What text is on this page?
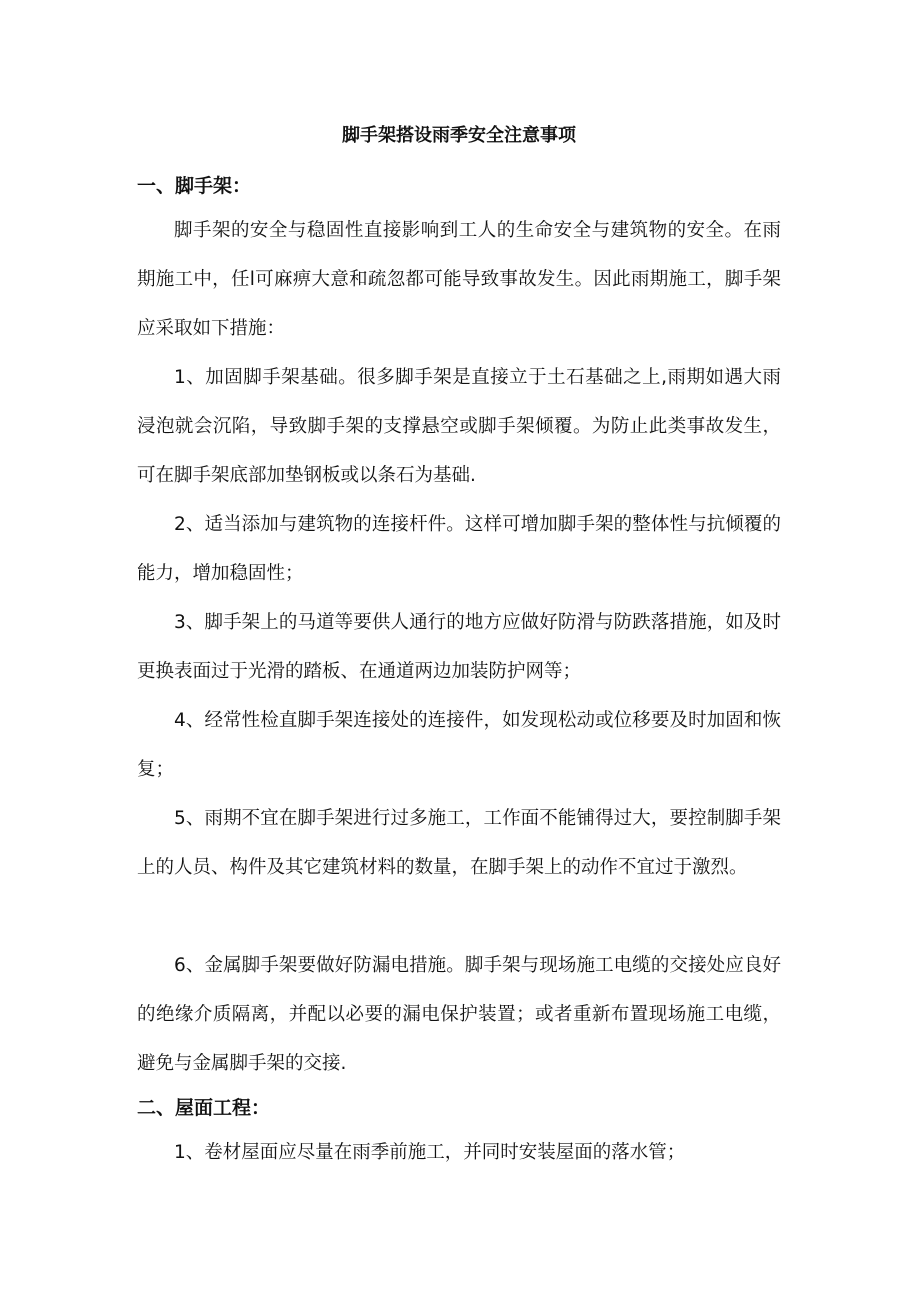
脚手架搭设雨季安全注意事项
一、脚手架：

脚手架的安全与稳固性直接影响到工人的生命安全与建筑物的安全。在雨期施工中，任l可麻痹大意和疏忽都可能导致事故发生。因此雨期施工，脚手架应采取如下措施：

1、加固脚手架基础。很多脚手架是直接立于土石基础之上,雨期如遇大雨浸泡就会沉陷，导致脚手架的支撑悬空或脚手架倾覆。为防止此类事故发生，可在脚手架底部加垫钢板或以条石为基础.

2、适当添加与建筑物的连接杆件。这样可增加脚手架的整体性与抗倾覆的能力，增加稳固性；

3、脚手架上的马道等要供人通行的地方应做好防滑与防跌落措施，如及时更换表面过于光滑的踏板、在通道两边加装防护网等；

4、经常性检直脚手架连接处的连接件，如发现松动或位移要及时加固和恢复；

5、雨期不宜在脚手架进行过多施工，工作面不能铺得过大，要控制脚手架上的人员、构件及其它建筑材料的数量，在脚手架上的动作不宜过于激烈。

6、金属脚手架要做好防漏电措施。脚手架与现场施工电缆的交接处应良好的绝缘介质隔离，并配以必要的漏电保护装置；或者重新布置现场施工电缆，避免与金属脚手架的交接.

二、屋面工程：

1、卷材屋面应尽量在雨季前施工，并同时安装屋面的落水管；
